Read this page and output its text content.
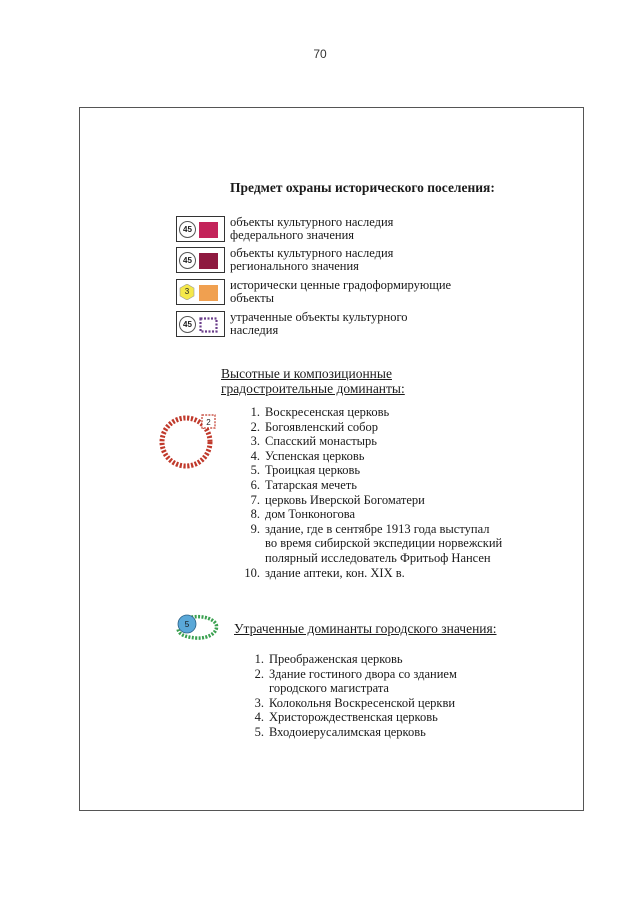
70
Предмет охраны исторического поселения:
45
объекты культурного наследия
федерального значения
45
объекты культурного наследия
регионального значения
3	исторически ценные градоформирующие
объекты
45
утраченные объекты культурного
наследия
Высотные и композиционные
градостроительные доминанты:
2
1. Воскресенская церковь
2. Богоявленский собор
3. Спасский монастырь
4. Успенская церковь
5. Троицкая церковь
6. Татарская мечеть
7. церковь Иверской Богоматери
8. дом Тонконогова
9. здание, где в сентябре 1913 года выступал
во время сибирской экспедиции норвежский
полярный исследователь Фритьоф Нансен
10. здание аптеки, кон. XIX в.
5	Утраченные доминанты городского значения:
1. Преображенская церковь
2. Здание гостиного двора со зданием
городского магистрата
3. Колокольня Воскресенской церкви
4. Христорождественская церковь
5. Входоиерусалимская церковь
